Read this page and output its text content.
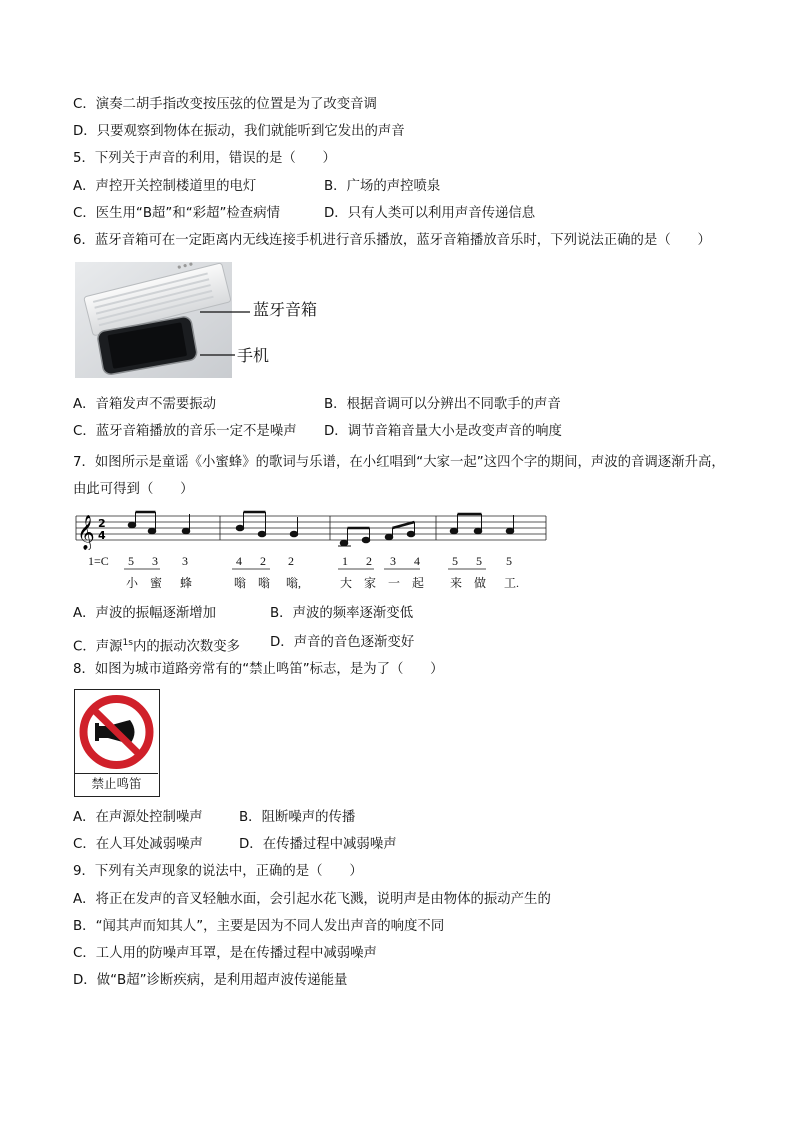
C．演奏二胡手指改变按压弦的位置是为了改变音调
D．只要观察到物体在振动，我们就能听到它发出的声音
5．下列关于声音的利用，错误的是（　　）
A．声控开关控制楼道里的电灯	B．广场的声控喷泉
C．医生用“B超”和“彩超”检查病情	D．只有人类可以利用声音传递信息
6．蓝牙音箱可在一定距离内无线连接手机进行音乐播放，蓝牙音箱播放音乐时，下列说法正确的是（　　）
蓝牙音箱
手机
A．音箱发声不需要振动	B．根据音调可以分辨出不同歌手的声音
C．蓝牙音箱播放的音乐一定不是噪声 D．调节音箱音量大小是改变声音的响度
7．如图所示是童谣《小蜜蜂》的歌词与乐谱，在小红唱到“大家一起”这四个字的期间，声波的音调逐渐升高，
由此可得到（　　）
𝄞 2
4
1=C 5 3 3	4 2 2	1 2 3 4	5 5 5
小 蜜 蜂	嗡 嗡 嗡,	大 家 一 起 来 做 工.
A．声波的振幅逐渐增加	B．声波的频率逐渐变低
C．声源$^{1s}$内的振动次数变多 D．声音的音色逐渐变好
8．如图为城市道路旁常有的“禁止鸣笛”标志，是为了（　　）
禁止鸣笛
A．在声源处控制噪声	B．阻断噪声的传播
C．在人耳处减弱噪声	D．在传播过程中减弱噪声
9．下列有关声现象的说法中，正确的是（　　）
A．将正在发声的音叉轻触水面，会引起水花飞溅，说明声是由物体的振动产生的
B．“闻其声而知其人”，主要是因为不同人发出声音的响度不同
C．工人用的防噪声耳罩，是在传播过程中减弱噪声
D．做“B超”诊断疾病，是利用超声波传递能量
